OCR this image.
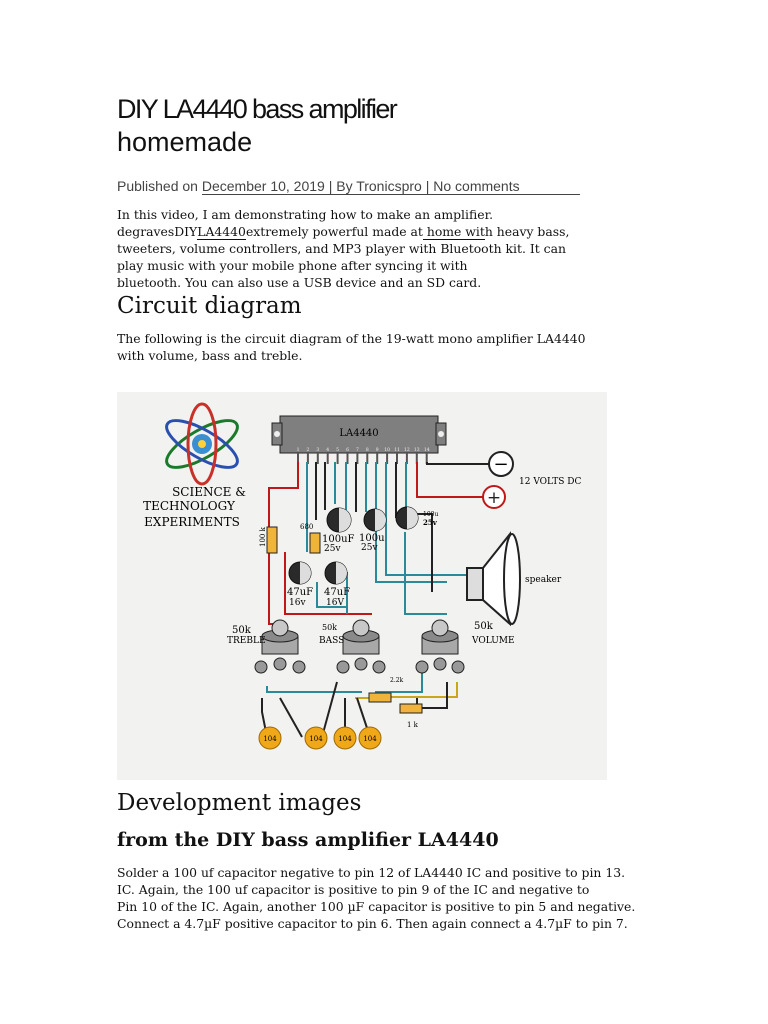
DIY LA4440 bass amplifier
homemade
Published on December 10, 2019 | By Tronicspro | No comments
In this video, I am demonstrating how to make an amplifier.
degravesDIYLA4440extremely powerful made at home with heavy bass,
tweeters, volume controllers, and MP3 player with Bluetooth kit. It can
play music with your mobile phone after syncing it with
bluetooth. You can also use a USB device and an SD card.
Circuit diagram
The following is the circuit diagram of the 19-watt mono amplifier LA4440
with volume, bass and treble.
SCIENCE &
TECHNOLOGY
EXPERIMENTS
LA4440
1 2 3 4 5 6 7 8 9 10 11 12 13 14
−
+
12 VOLTS DC
100 k
680
100uF
25v
100u
25v
100u
25v
47uF
16v
47uF
16V
speaker
50k
TREBLE
50k
BASS
50k
VOLUME
2.2k
1 k
104	104 104 104
Development images
from the DIY bass amplifier LA4440
Solder a 100 uf capacitor negative to pin 12 of LA4440 IC and positive to pin 13.
IC. Again, the 100 uf capacitor is positive to pin 9 of the IC and negative to
Pin 10 of the IC. Again, another 100 µF capacitor is positive to pin 5 and negative.
Connect a 4.7µF positive capacitor to pin 6. Then again connect a 4.7µF to pin 7.
